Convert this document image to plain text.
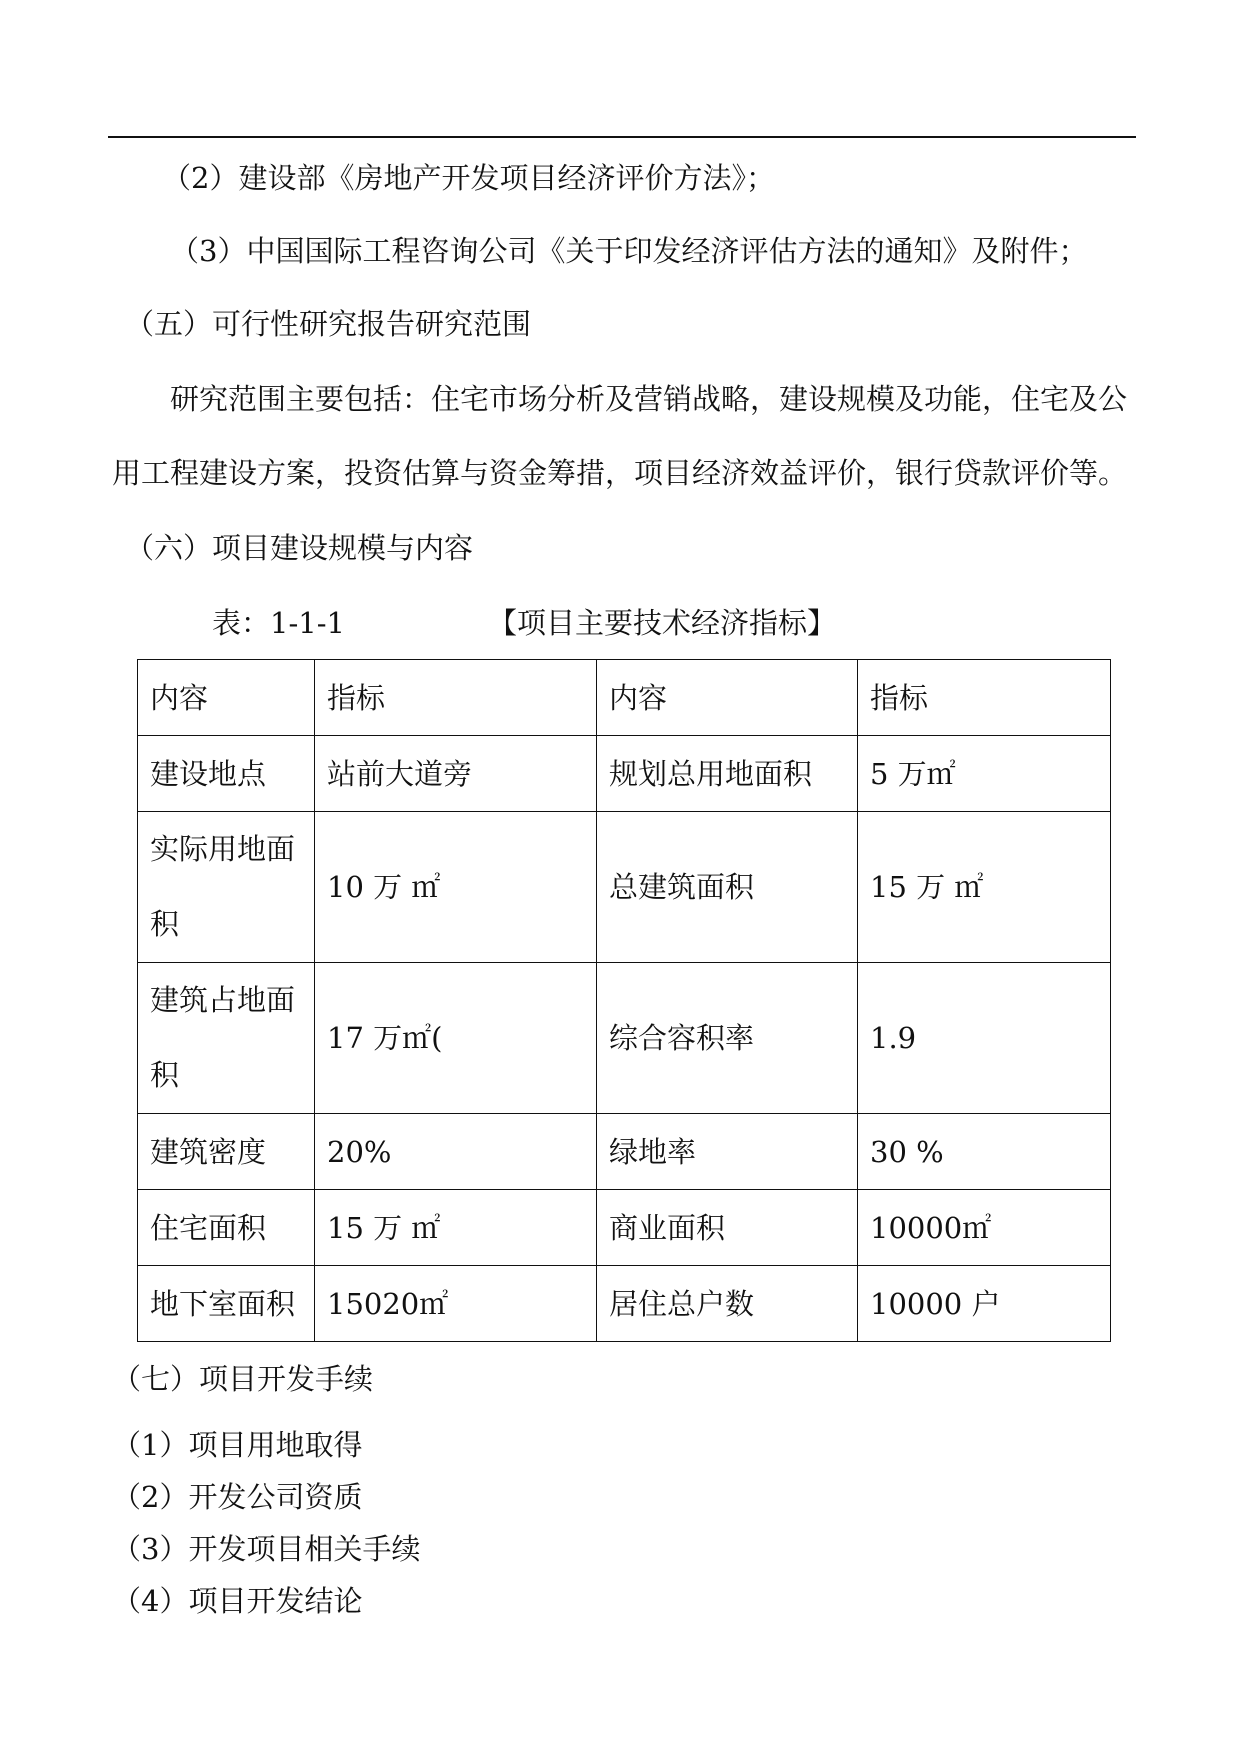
（2）建设部《房地产开发项目经济评价方法》；
（3）中国国际工程咨询公司《关于印发经济评估方法的通知》及附件；
（五）可行性研究报告研究范围
研究范围主要包括：住宅市场分析及营销战略，建设规模及功能，住宅及公
用工程建设方案，投资估算与资金筹措，项目经济效益评价，银行贷款评价等。
（六）项目建设规模与内容
表：1-1-1	【项目主要技术经济指标】
内容	指标	内容	指标
建设地点	站前大道旁	规划总用地面积	5 万㎡
实际用地面积	10 万 ㎡	总建筑面积	15 万 ㎡
建筑占地面积	17 万㎡(	综合容积率	1.9
建筑密度	20%	绿地率	30 %
住宅面积	15 万 ㎡	商业面积	10000㎡
地下室面积	15020㎡	居住总户数	10000 户
（七）项目开发手续
（1）项目用地取得
（2）开发公司资质
（3）开发项目相关手续
（4）项目开发结论
